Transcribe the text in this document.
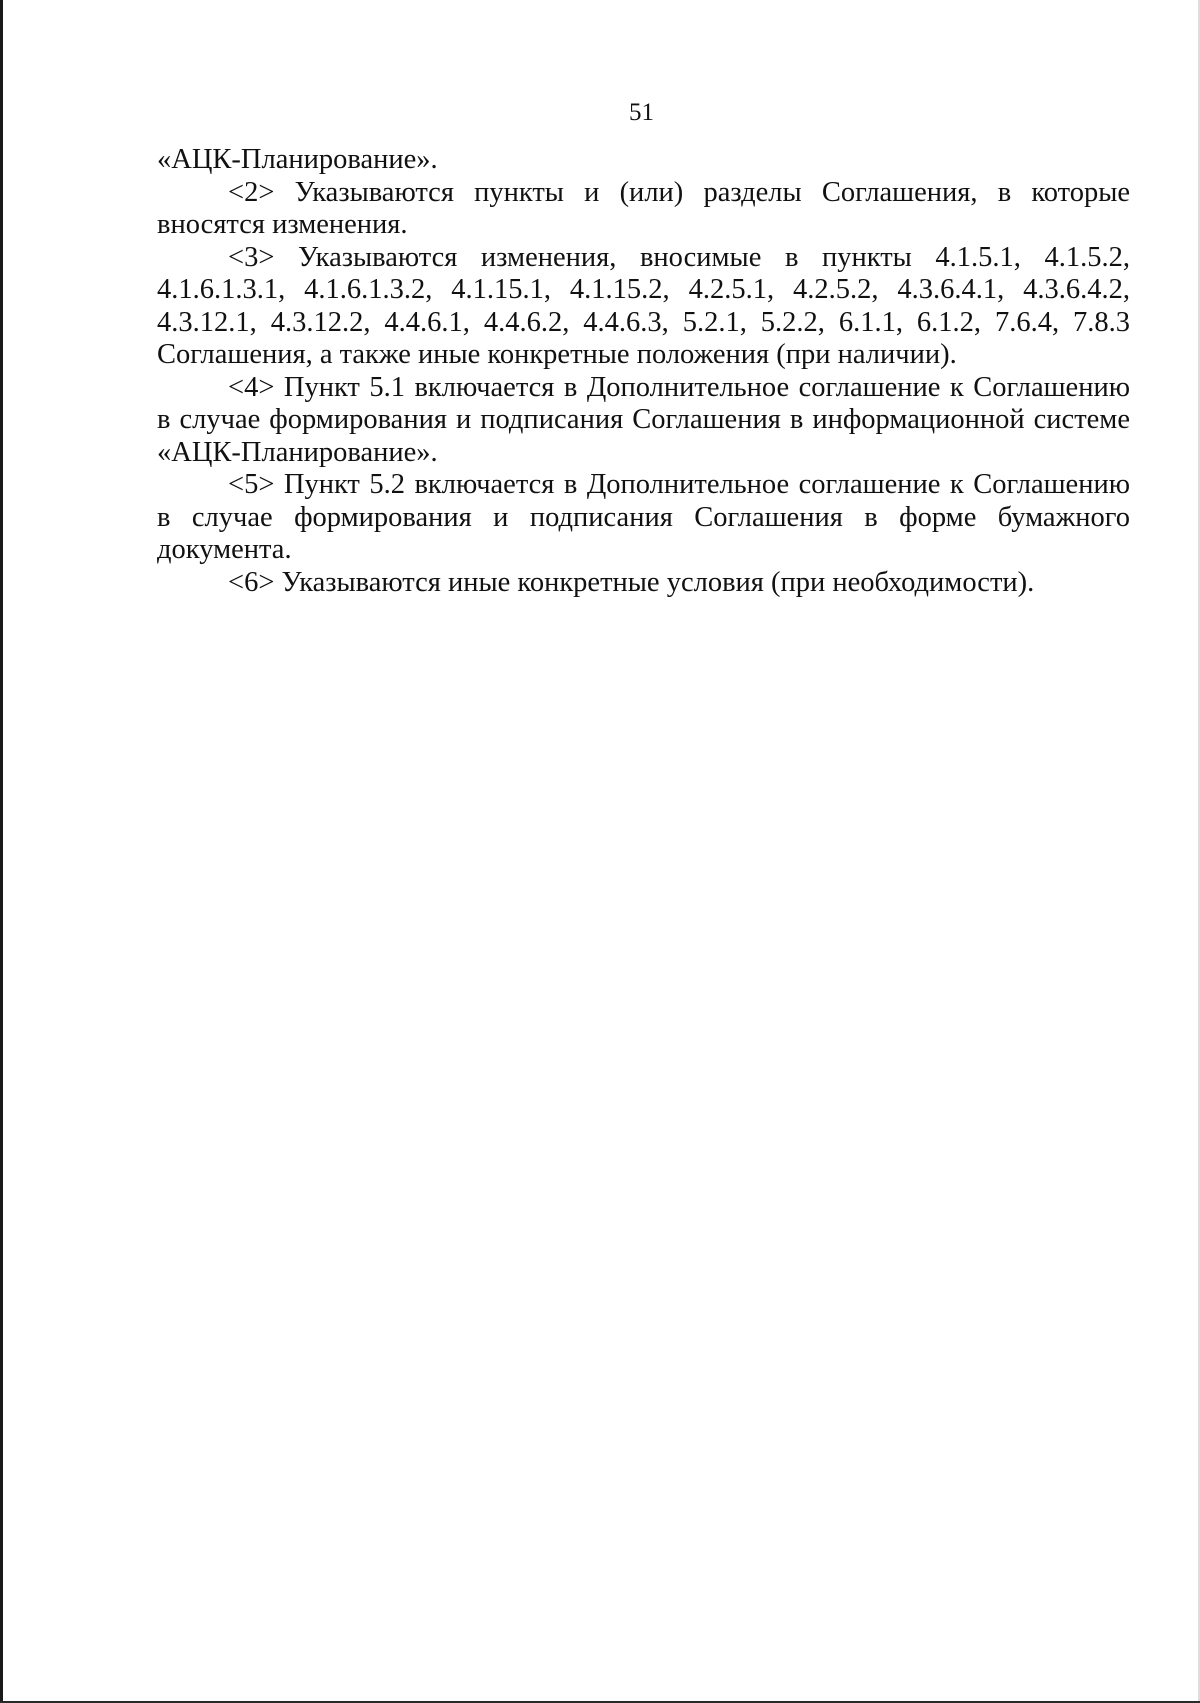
51

«АЦК-Планирование».

<2> Указываются пункты и (или) разделы Соглашения, в которые вносятся изменения.

<3> Указываются изменения, вносимые в пункты 4.1.5.1, 4.1.5.2, 4.1.6.1.3.1, 4.1.6.1.3.2, 4.1.15.1, 4.1.15.2, 4.2.5.1, 4.2.5.2, 4.3.6.4.1, 4.3.6.4.2, 4.3.12.1, 4.3.12.2, 4.4.6.1, 4.4.6.2, 4.4.6.3, 5.2.1, 5.2.2, 6.1.1, 6.1.2, 7.6.4, 7.8.3 Соглашения, а также иные конкретные положения (при наличии).

<4> Пункт 5.1 включается в Дополнительное соглашение к Соглашению в случае формирования и подписания Соглашения в информационной системе «АЦК-Планирование».

<5> Пункт 5.2 включается в Дополнительное соглашение к Соглашению в случае формирования и подписания Соглашения в форме бумажного документа.

<6> Указываются иные конкретные условия (при необходимости).
